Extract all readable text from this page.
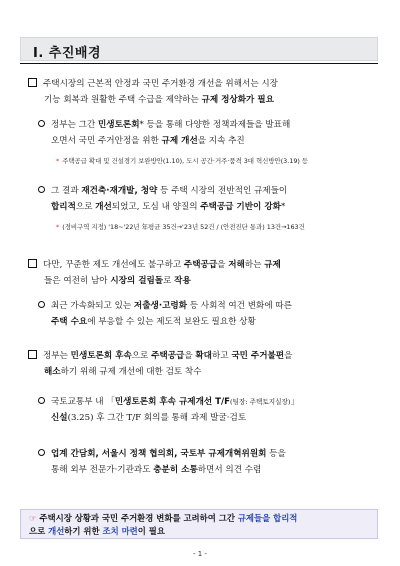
Ⅰ. 추진배경
주택시장의 근본적 안정과 국민 주거환경 개선을 위해서는 시장
기능 회복과 원활한 주택 수급을 제약하는 규제 정상화가 필요
정부는 그간 민생토론회* 등을 통해 다양한 정책과제들을 발표해
오면서 국민 주거안정을 위한 규제 개선을 지속 추진
* 주택공급 확대 및 건설경기 보완방안(1.10), 도시 공간·거주·품격 3대 혁신방안(3.19) 등
그 결과 재건축·재개발, 청약 등 주택 시장의 전반적인 규제들이
합리적으로 개선되었고, 도심 내 양질의 주택공급 기반이 강화*
* (정비구역 지정) '18~'22년 年평균 35건→'23년 52건 / (안전진단 통과) 13건→163건
다만, 꾸준한 제도 개선에도 불구하고 주택공급을 저해하는 규제
들은 여전히 남아 시장의 걸림돌로 작용
최근 가속화되고 있는 저출생·고령화 등 사회적 여건 변화에 따른
주택 수요에 부응할 수 있는 제도적 보완도 필요한 상황
정부는 민생토론회 후속으로 주택공급을 확대하고 국민 주거불편을
해소하기 위해 규제 개선에 대한 검토 착수
국토교통부 내 「민생토론회 후속 규제개선 T/F(팀장: 주택토지실장)」
신설(3.25) 후 그간 T/F 회의를 통해 과제 발굴·검토
업계 간담회, 서울시 정책 협의회, 국토부 규제개혁위원회 등을
통해 외부 전문가·기관과도 충분히 소통하면서 의견 수렴
☞ 주택시장 상황과 국민 주거환경 변화를 고려하여 그간 규제들을 합리적
으로 개선하기 위한 조치 마련이 필요
- 1 -
